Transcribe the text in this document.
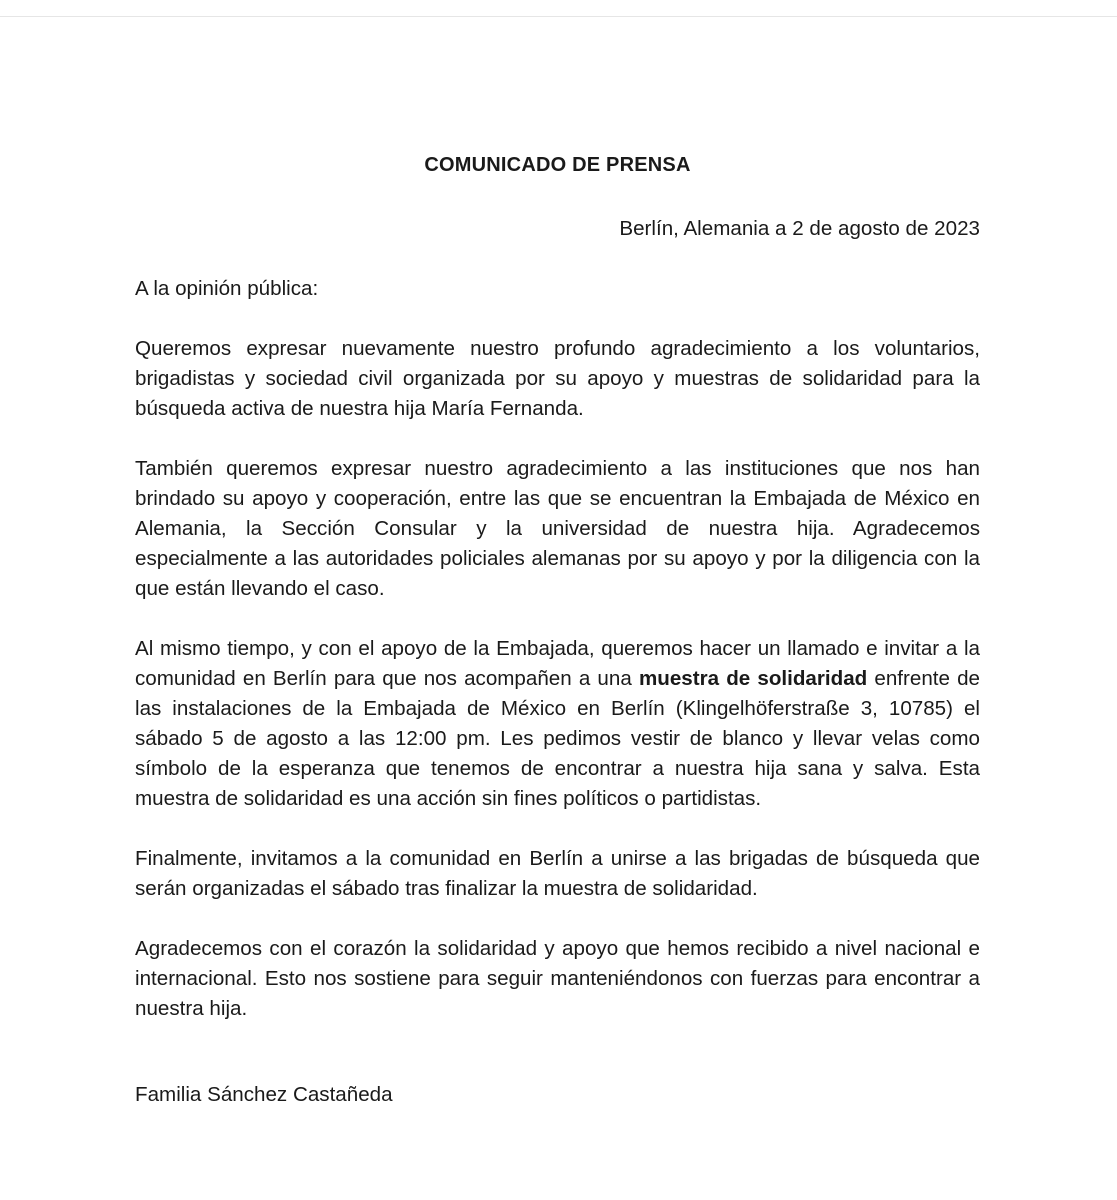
COMUNICADO DE PRENSA
Berlín, Alemania a 2 de agosto de 2023
A la opinión pública:

Queremos expresar nuevamente nuestro profundo agradecimiento a los voluntarios, brigadistas y sociedad civil organizada por su apoyo y muestras de solidaridad para la búsqueda activa de nuestra hija María Fernanda.

También queremos expresar nuestro agradecimiento a las instituciones que nos han brindado su apoyo y cooperación, entre las que se encuentran la Embajada de México en Alemania, la Sección Consular y la universidad de nuestra hija. Agradecemos especialmente a las autoridades policiales alemanas por su apoyo y por la diligencia con la que están llevando el caso.

Al mismo tiempo, y con el apoyo de la Embajada, queremos hacer un llamado e invitar a la comunidad en Berlín para que nos acompañen a una muestra de solidaridad enfrente de las instalaciones de la Embajada de México en Berlín (Klingelhöferstraße 3, 10785) el sábado 5 de agosto a las 12:00 pm. Les pedimos vestir de blanco y llevar velas como símbolo de la esperanza que tenemos de encontrar a nuestra hija sana y salva. Esta muestra de solidaridad es una acción sin fines políticos o partidistas.

Finalmente, invitamos a la comunidad en Berlín a unirse a las brigadas de búsqueda que serán organizadas el sábado tras finalizar la muestra de solidaridad.

Agradecemos con el corazón la solidaridad y apoyo que hemos recibido a nivel nacional e internacional. Esto nos sostiene para seguir manteniéndonos con fuerzas para encontrar a nuestra hija.

Familia Sánchez Castañeda
